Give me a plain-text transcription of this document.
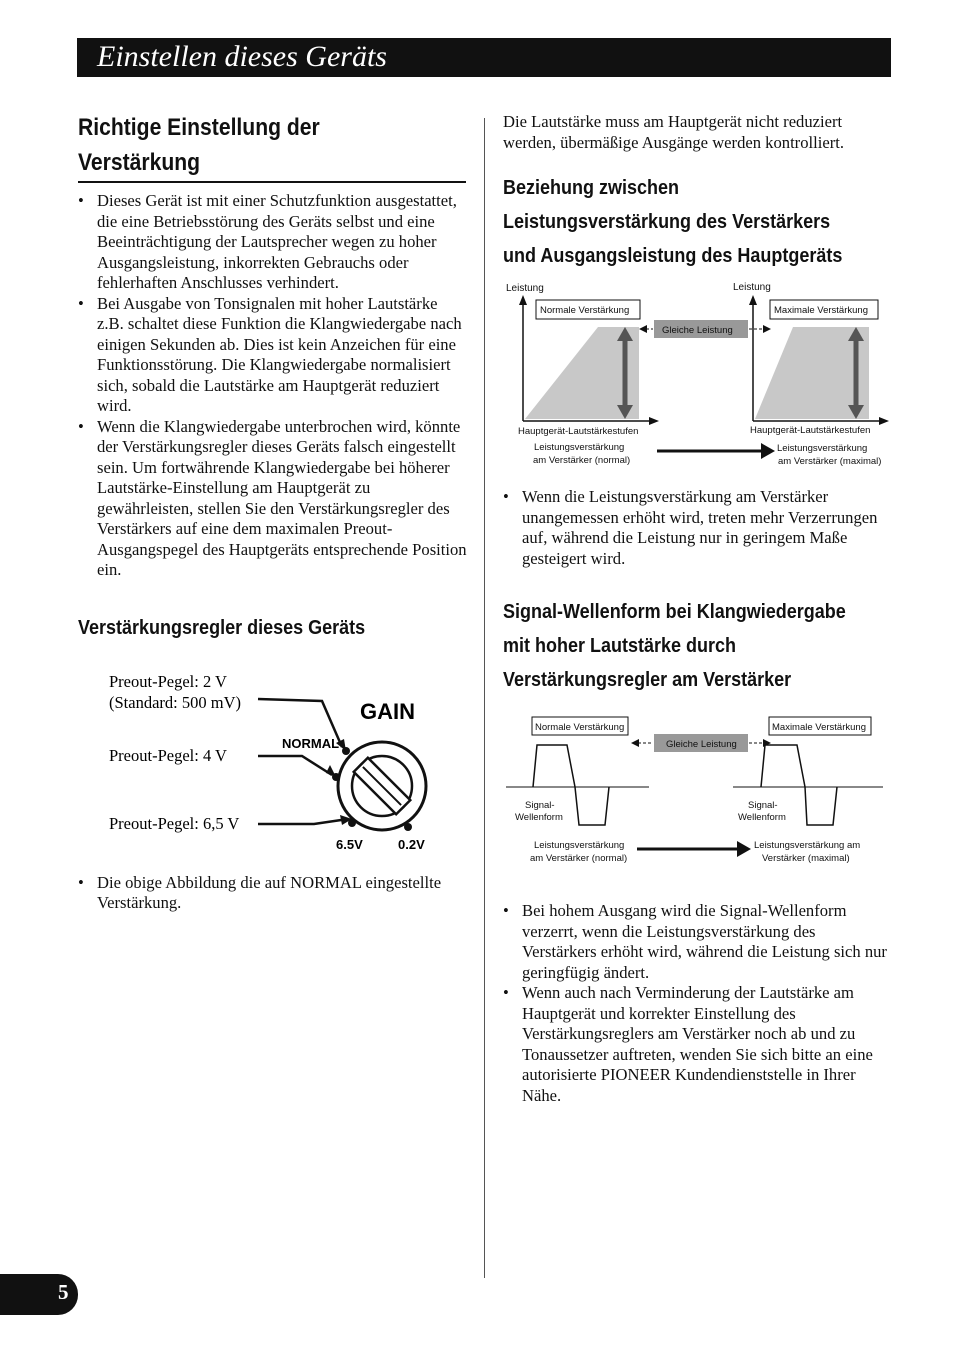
Einstellen dieses Geräts
Richtige Einstellung der
Verstärkung
• Dieses Gerät ist mit einer Schutzfunktion ausgestattet, die eine Betriebsstörung des Geräts selbst und eine Beeinträchtigung der Lautsprecher wegen zu hoher Ausgangsleistung, inkorrekten Gebrauchs oder fehlerhaften Anschlusses verhindert.
• Bei Ausgabe von Tonsignalen mit hoher Lautstärke z.B. schaltet diese Funktion die Klangwiedergabe nach einigen Sekunden ab. Dies ist kein Anzeichen für eine Funktionsstörung. Die Klangwiedergabe normalisiert sich, sobald die Lautstärke am Hauptgerät reduziert wird.
• Wenn die Klangwiedergabe unterbrochen wird, könnte der Verstärkungsregler dieses Geräts falsch eingestellt sein. Um fortwährende Klangwiedergabe bei höherer Lautstärke-Einstellung am Hauptgerät zu gewährleisten, stellen Sie den Verstärkungsregler des Verstärkers auf eine dem maximalen Preout-Ausgangspegel des Hauptgeräts entsprechende Position ein.
Verstärkungsregler dieses Geräts
Preout-Pegel: 2 V
(Standard: 500 mV)
Preout-Pegel: 4 V
Preout-Pegel: 6,5 V
GAIN
NORMAL
6.5V	0.2V
• Die obige Abbildung die auf NORMAL eingestellte Verstärkung.

Die Lautstärke muss am Hauptgerät nicht reduziert werden, übermäßige Ausgänge werden kontrolliert.

Beziehung zwischen
Leistungsverstärkung des Verstärkers
und Ausgangsleistung des Hauptgeräts
Leistung	Leistung
Normale Verstärkung	Maximale Verstärkung
Gleiche Leistung
Hauptgerät-Lautstärkestufen	Hauptgerät-Lautstärkestufen
Leistungsverstärkung
am Verstärker (normal)
Leistungsverstärkung
am Verstärker (maximal)
• Wenn die Leistungsverstärkung am Verstärker unangemessen erhöht wird, treten mehr Verzerrungen auf, während die Leistung nur in geringem Maße gesteigert wird.
Signal-Wellenform bei Klangwiedergabe
mit hoher Lautstärke durch
Verstärkungsregler am Verstärker
Normale Verstärkung	Maximale Verstärkung
Gleiche Leistung
Signal-
Wellenform
Signal-
Wellenform
Leistungsverstärkung
am Verstärker (normal)
Leistungsverstärkung am
Verstärker (maximal)
• Bei hohem Ausgang wird die Signal-Wellenform verzerrt, wenn die Leistungsverstärkung des Verstärkers erhöht wird, während die Leistung sich nur geringfügig ändert.
• Wenn auch nach Verminderung der Lautstärke am Hauptgerät und korrekter Einstellung des Verstärkungsreglers am Verstärker noch ab und zu Tonaussetzer auftreten, wenden Sie sich bitte an eine autorisierte PIONEER Kundendienststelle in Ihrer Nähe.
5
